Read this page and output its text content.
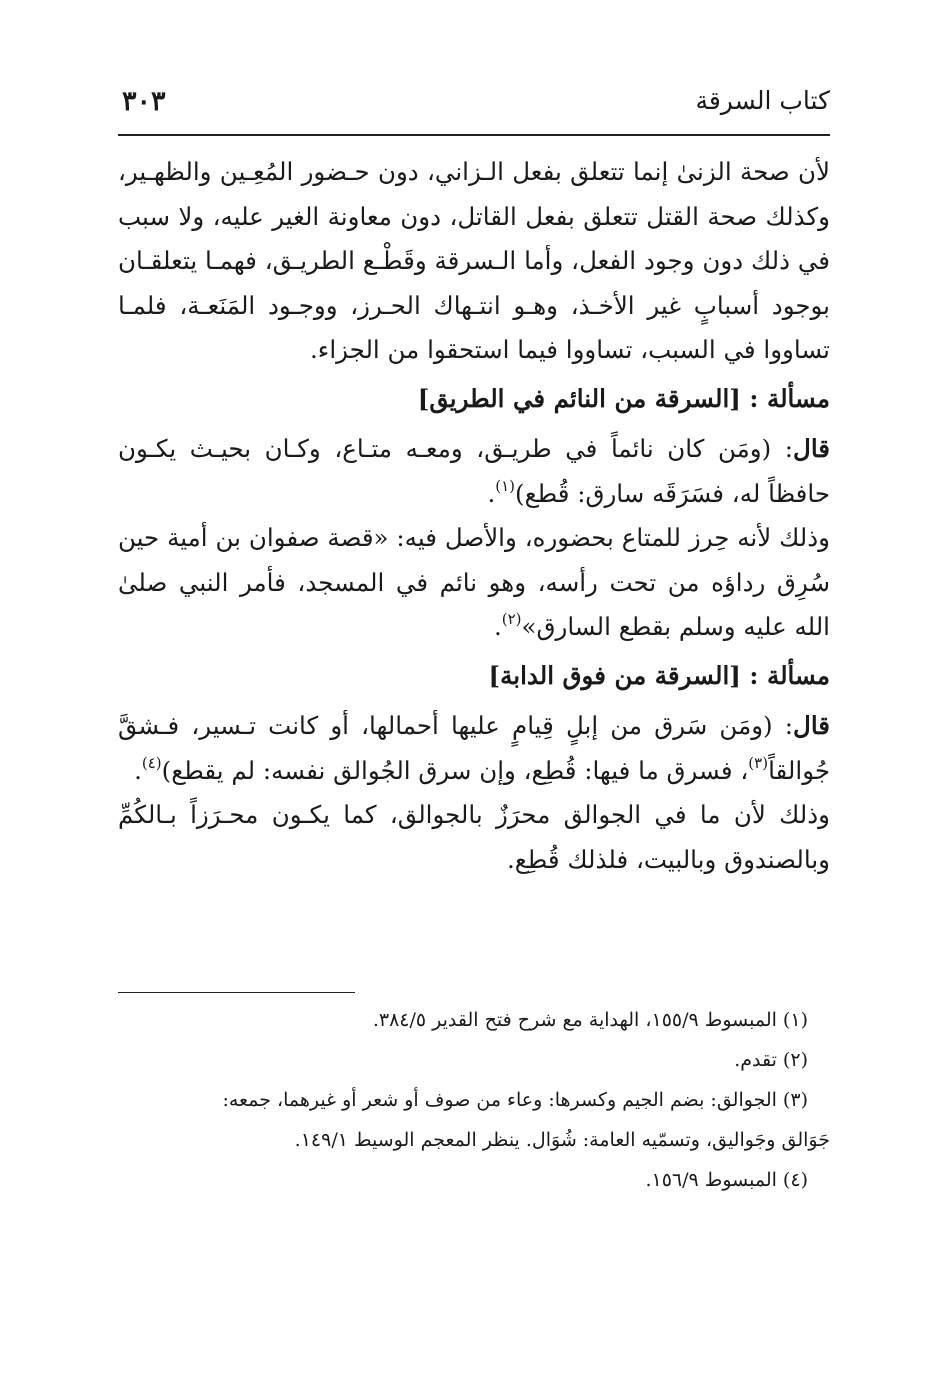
كتاب السرقة
٣٠٣

لأن صحة الزنىٰ إنما تتعلق بفعل الـزاني، دون حـضور المُعِـين والظهـير، وكذلك صحة القتل تتعلق بفعل القاتل، دون معاونة الغير عليه، ولا سبب في ذلك دون وجود الفعل، وأما الـسرقة وقَطْـع الطريـق، فهمـا يتعلقـان بوجود أسبابٍ غير الأخـذ، وهـو انتـهاك الحـرز، ووجـود المَنَعـة، فلمـا تساووا في السبب، تساووا فيما استحقوا من الجزاء.

مسألة : [السرقة من النائم في الطريق]

قال: (ومَن كان نائماً في طريـق، ومعـه متـاع، وكـان بحيـث يكـون حافظاً له، فسَرَقَه سارق: قُطع)$^{(١)}$.

وذلك لأنه حِرز للمتاع بحضوره، والأصل فيه: «قصة صفوان بن أمية حين سُرِق رداؤه من تحت رأسه، وهو نائم في المسجد، فأمر النبي صلىٰ الله عليه وسلم بقطع السارق»$^{(٢)}$.

مسألة : [السرقة من فوق الدابة]

قال: (ومَن سَرق من إبلٍ قِيامٍ عليها أحمالها، أو كانت تـسير، فـشقَّ جُوالقاً$^{(٣)}$، فسرق ما فيها: قُطِع، وإن سرق الجُوالق نفسه: لم يقطع)$^{(٤)}$.

وذلك لأن ما في الجوالق محرَزٌ بالجوالق، كما يكـون محـرَزاً بـالكُمِّ وبالصندوق وبالبيت، فلذلك قُطِع.

(١) المبسوط ١٥٥/٩، الهداية مع شرح فتح القدير ٣٨٤/٥.

(٢) تقدم.

(٣) الجوالق: بضم الجيم وكسرها: وعاء من صوف أو شعر أو غيرهما، جمعه:

جَوَالق وجَواليق، وتسمّيه العامة: شُوَال. ينظر المعجم الوسيط ١٤٩/١.

(٤) المبسوط ١٥٦/٩.
